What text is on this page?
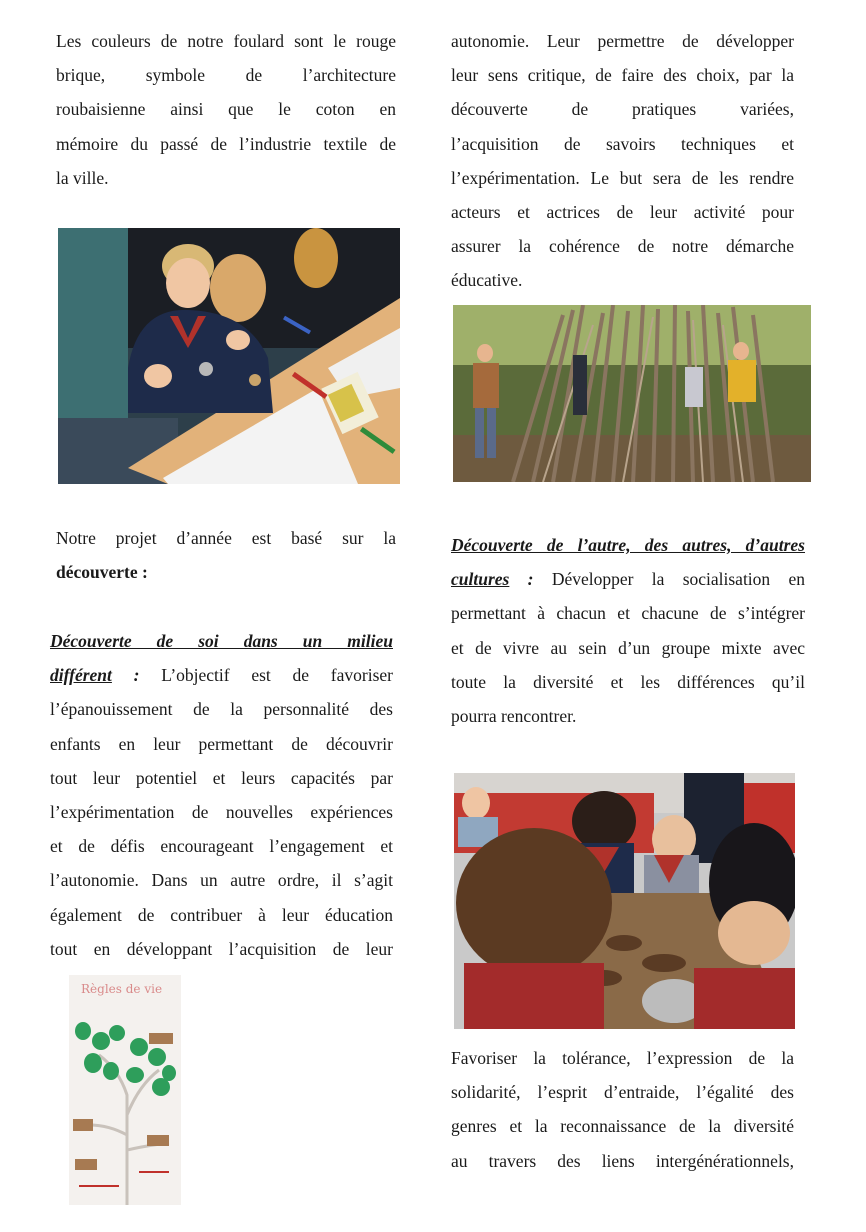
Les couleurs de notre foulard sont le rouge

brique, symbole de l’architecture

roubaisienne ainsi que le coton en

mémoire du passé de l’industrie textile de

la ville.

Notre projet d’année est basé sur la

découverte :

Découverte de soi dans un milieu

différent : L’objectif est de favoriser

l’épanouissement de la personnalité des

enfants en leur permettant de découvrir

tout leur potentiel et leurs capacités par

l’expérimentation de nouvelles expériences

et de défis encourageant l’engagement et

l’autonomie. Dans un autre ordre, il s’agit

également de contribuer à leur éducation

tout en développant l’acquisition de leur

Règles de vie

autonomie. Leur permettre de développer

leur sens critique, de faire des choix, par la

découverte de pratiques variées,

l’acquisition de savoirs techniques et

l’expérimentation. Le but sera de les rendre

acteurs et actrices de leur activité pour

assurer la cohérence de notre démarche

éducative.

Découverte de l’autre, des autres, d’autres

cultures : Développer la socialisation en

permettant à chacun et chacune de s’intégrer

et de vivre au sein d’un groupe mixte avec

toute la diversité et les différences qu’il

pourra rencontrer.

Favoriser la tolérance, l’expression de la

solidarité, l’esprit d’entraide, l’égalité des

genres et la reconnaissance de la diversité

au travers des liens intergénérationnels,
